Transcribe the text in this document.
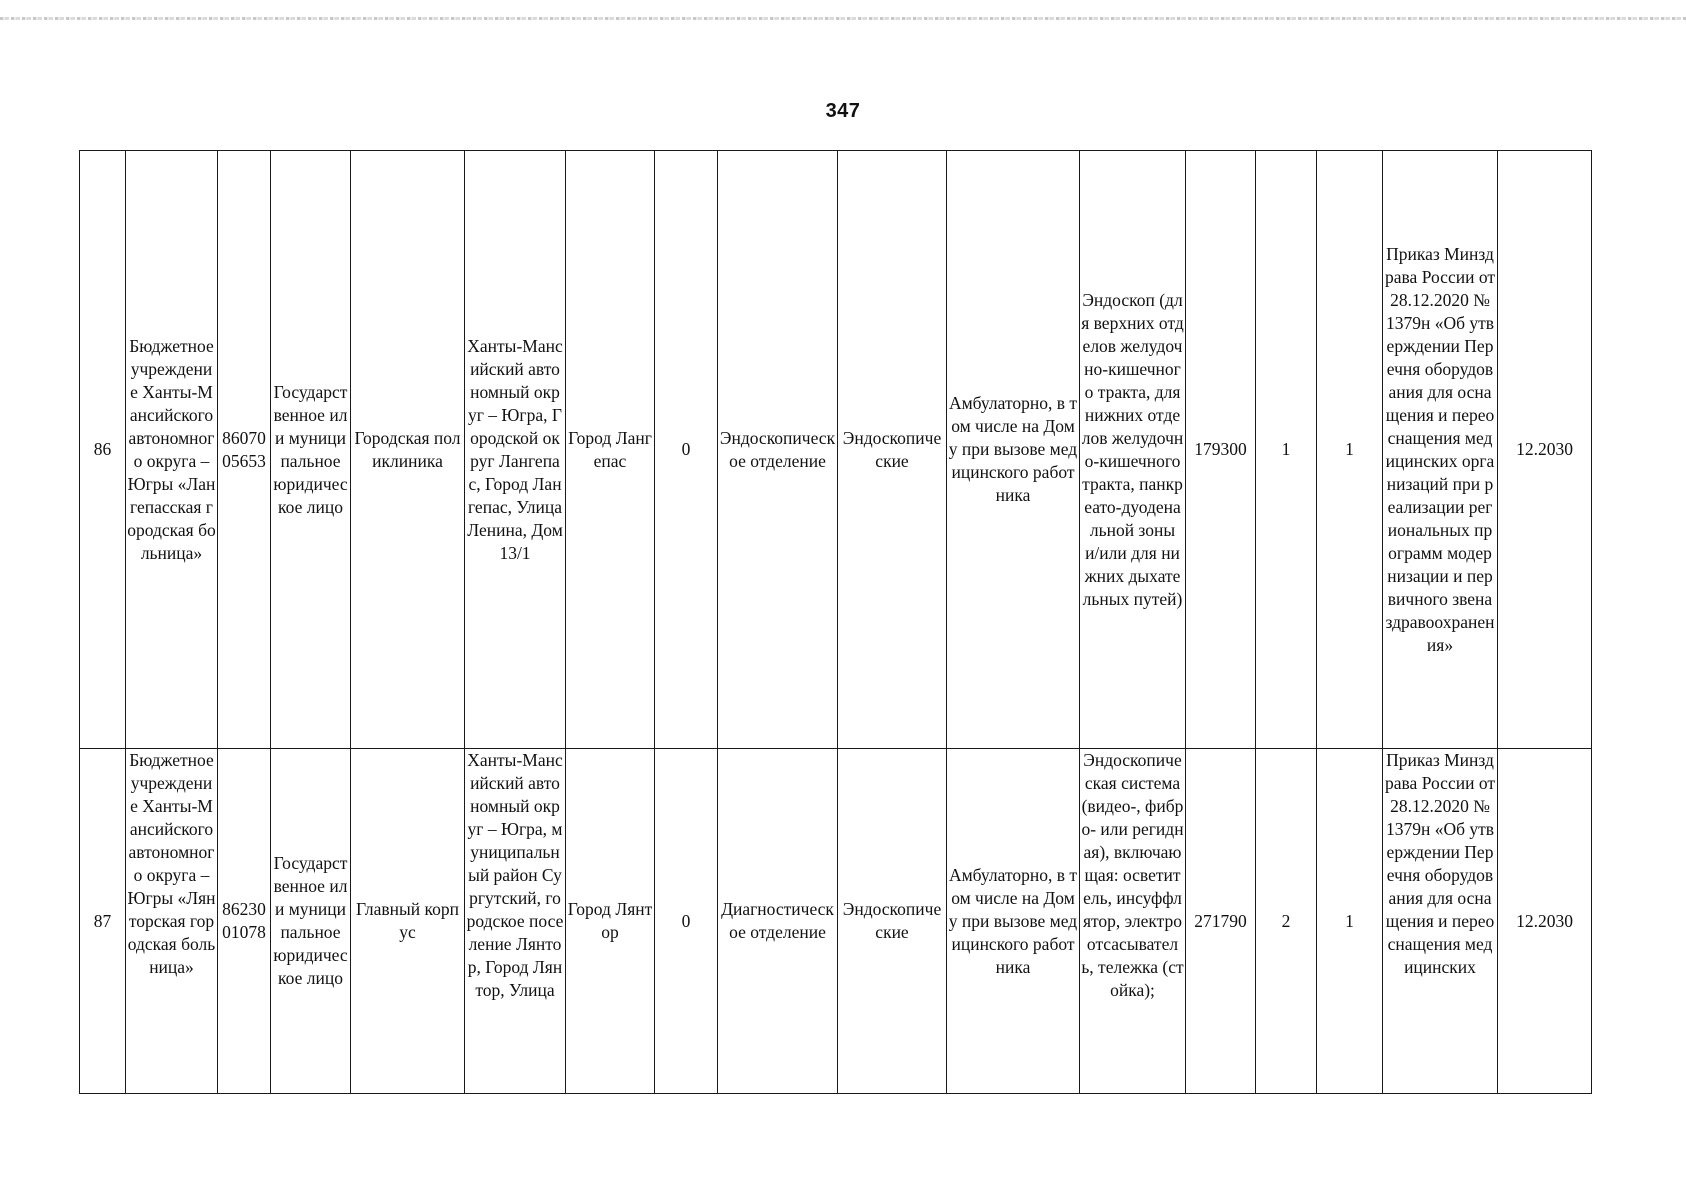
347
86	Бюджетное учреждение Ханты-Мансийского автономного округа – Югры «Лангепасская городская больница»	8607005653	Государственное или муниципальное юридическое лицо	Городская поликлиника	Ханты-Мансийский автономный округ – Югра, Городской округ Лангепас, Город Лангепас, Улица Ленина, Дом 13/1	Город Лангепас	0	Эндоскопическое отделение	Эндоскопические	Амбулаторно, в том числе на Дому при вызове медицинского работника	Эндоскоп (для верхних отделов желудочно-кишечного тракта, для нижних отделов желудочно-кишечного тракта, панкреато-дуоденальной зоны и/или для нижних дыхательных путей)	179300	1	1	Приказ Минздрава России от 28.12.2020 № 1379н «Об утверждении Перечня оборудования для оснащения и переоснащения медицинских организаций при реализации региональных программ модернизации и первичного звена здравоохранения»	12.2030
87	Бюджетное учреждение Ханты-Мансийского автономного округа – Югры «Лянторская городская больница»	8623001078	Государственное или муниципальное юридическое лицо	Главный корпус	Ханты-Мансийский автономный округ – Югра, муниципальный район Сургутский, городское поселение Лянтор, Город Лянтор, Улица	Город Лянтор	0	Диагностическое отделение	Эндоскопические	Амбулаторно, в том числе на Дому при вызове медицинского работника	Эндоскопическая система (видео-, фибро- или регидная), включающая: осветитель, инсуффлятор, электроотсасыватель, тележка (стойка);	271790	2	1	Приказ Минздрава России от 28.12.2020 № 1379н «Об утверждении Перечня оборудования для оснащения и переоснащения медицинских	12.2030
